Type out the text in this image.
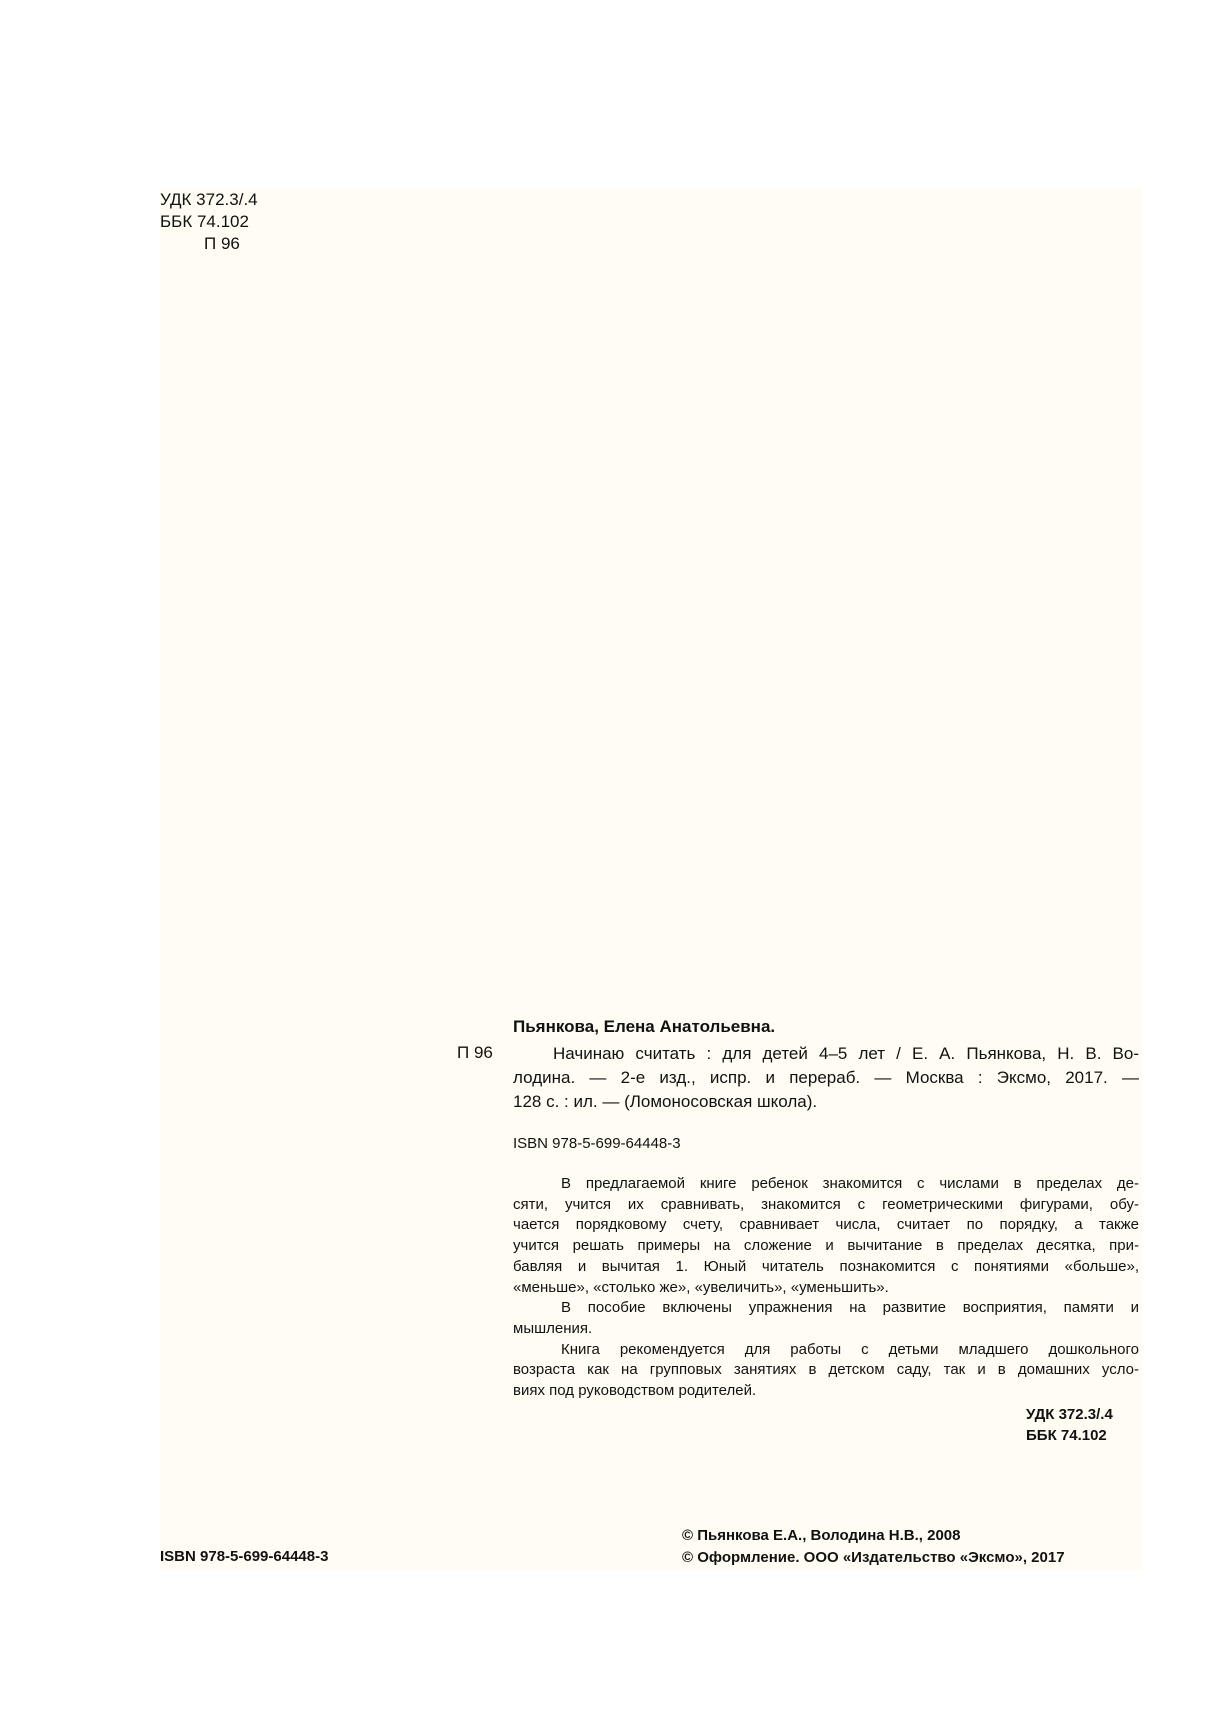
УДК 372.3/.4
ББК 74.102
П 96
Пьянкова, Елена Анатольевна.
П 96	Начинаю считать : для детей 4–5 лет / Е. А. Пьянкова, Н. В. Во-
лодина. — 2-е изд., испр. и перераб. — Москва : Эксмо, 2017. —
128 с. : ил. — (Ломоносовская школа).
ISBN 978-5-699-64448-3
В предлагаемой книге ребенок знакомится с числами в пределах де-
сяти, учится их сравнивать, знакомится с геометрическими фигурами, обу-
чается порядковому счету, сравнивает числа, считает по порядку, а также
учится решать примеры на сложение и вычитание в пределах десятка, при-
бавляя и вычитая 1. Юный читатель познакомится с понятиями «больше»,
«меньше», «столько же», «увеличить», «уменьшить».
В пособие включены упражнения на развитие восприятия, памяти и
мышления.
Книга рекомендуется для работы с детьми младшего дошкольного
возраста как на групповых занятиях в детском саду, так и в домашних усло-
виях под руководством родителей.
УДК 372.3/.4
ББК 74.102
ISBN 978-5-699-64448-3
© Пьянкова Е.А., Володина Н.В., 2008
© Оформление. ООО «Издательство «Эксмо», 2017
